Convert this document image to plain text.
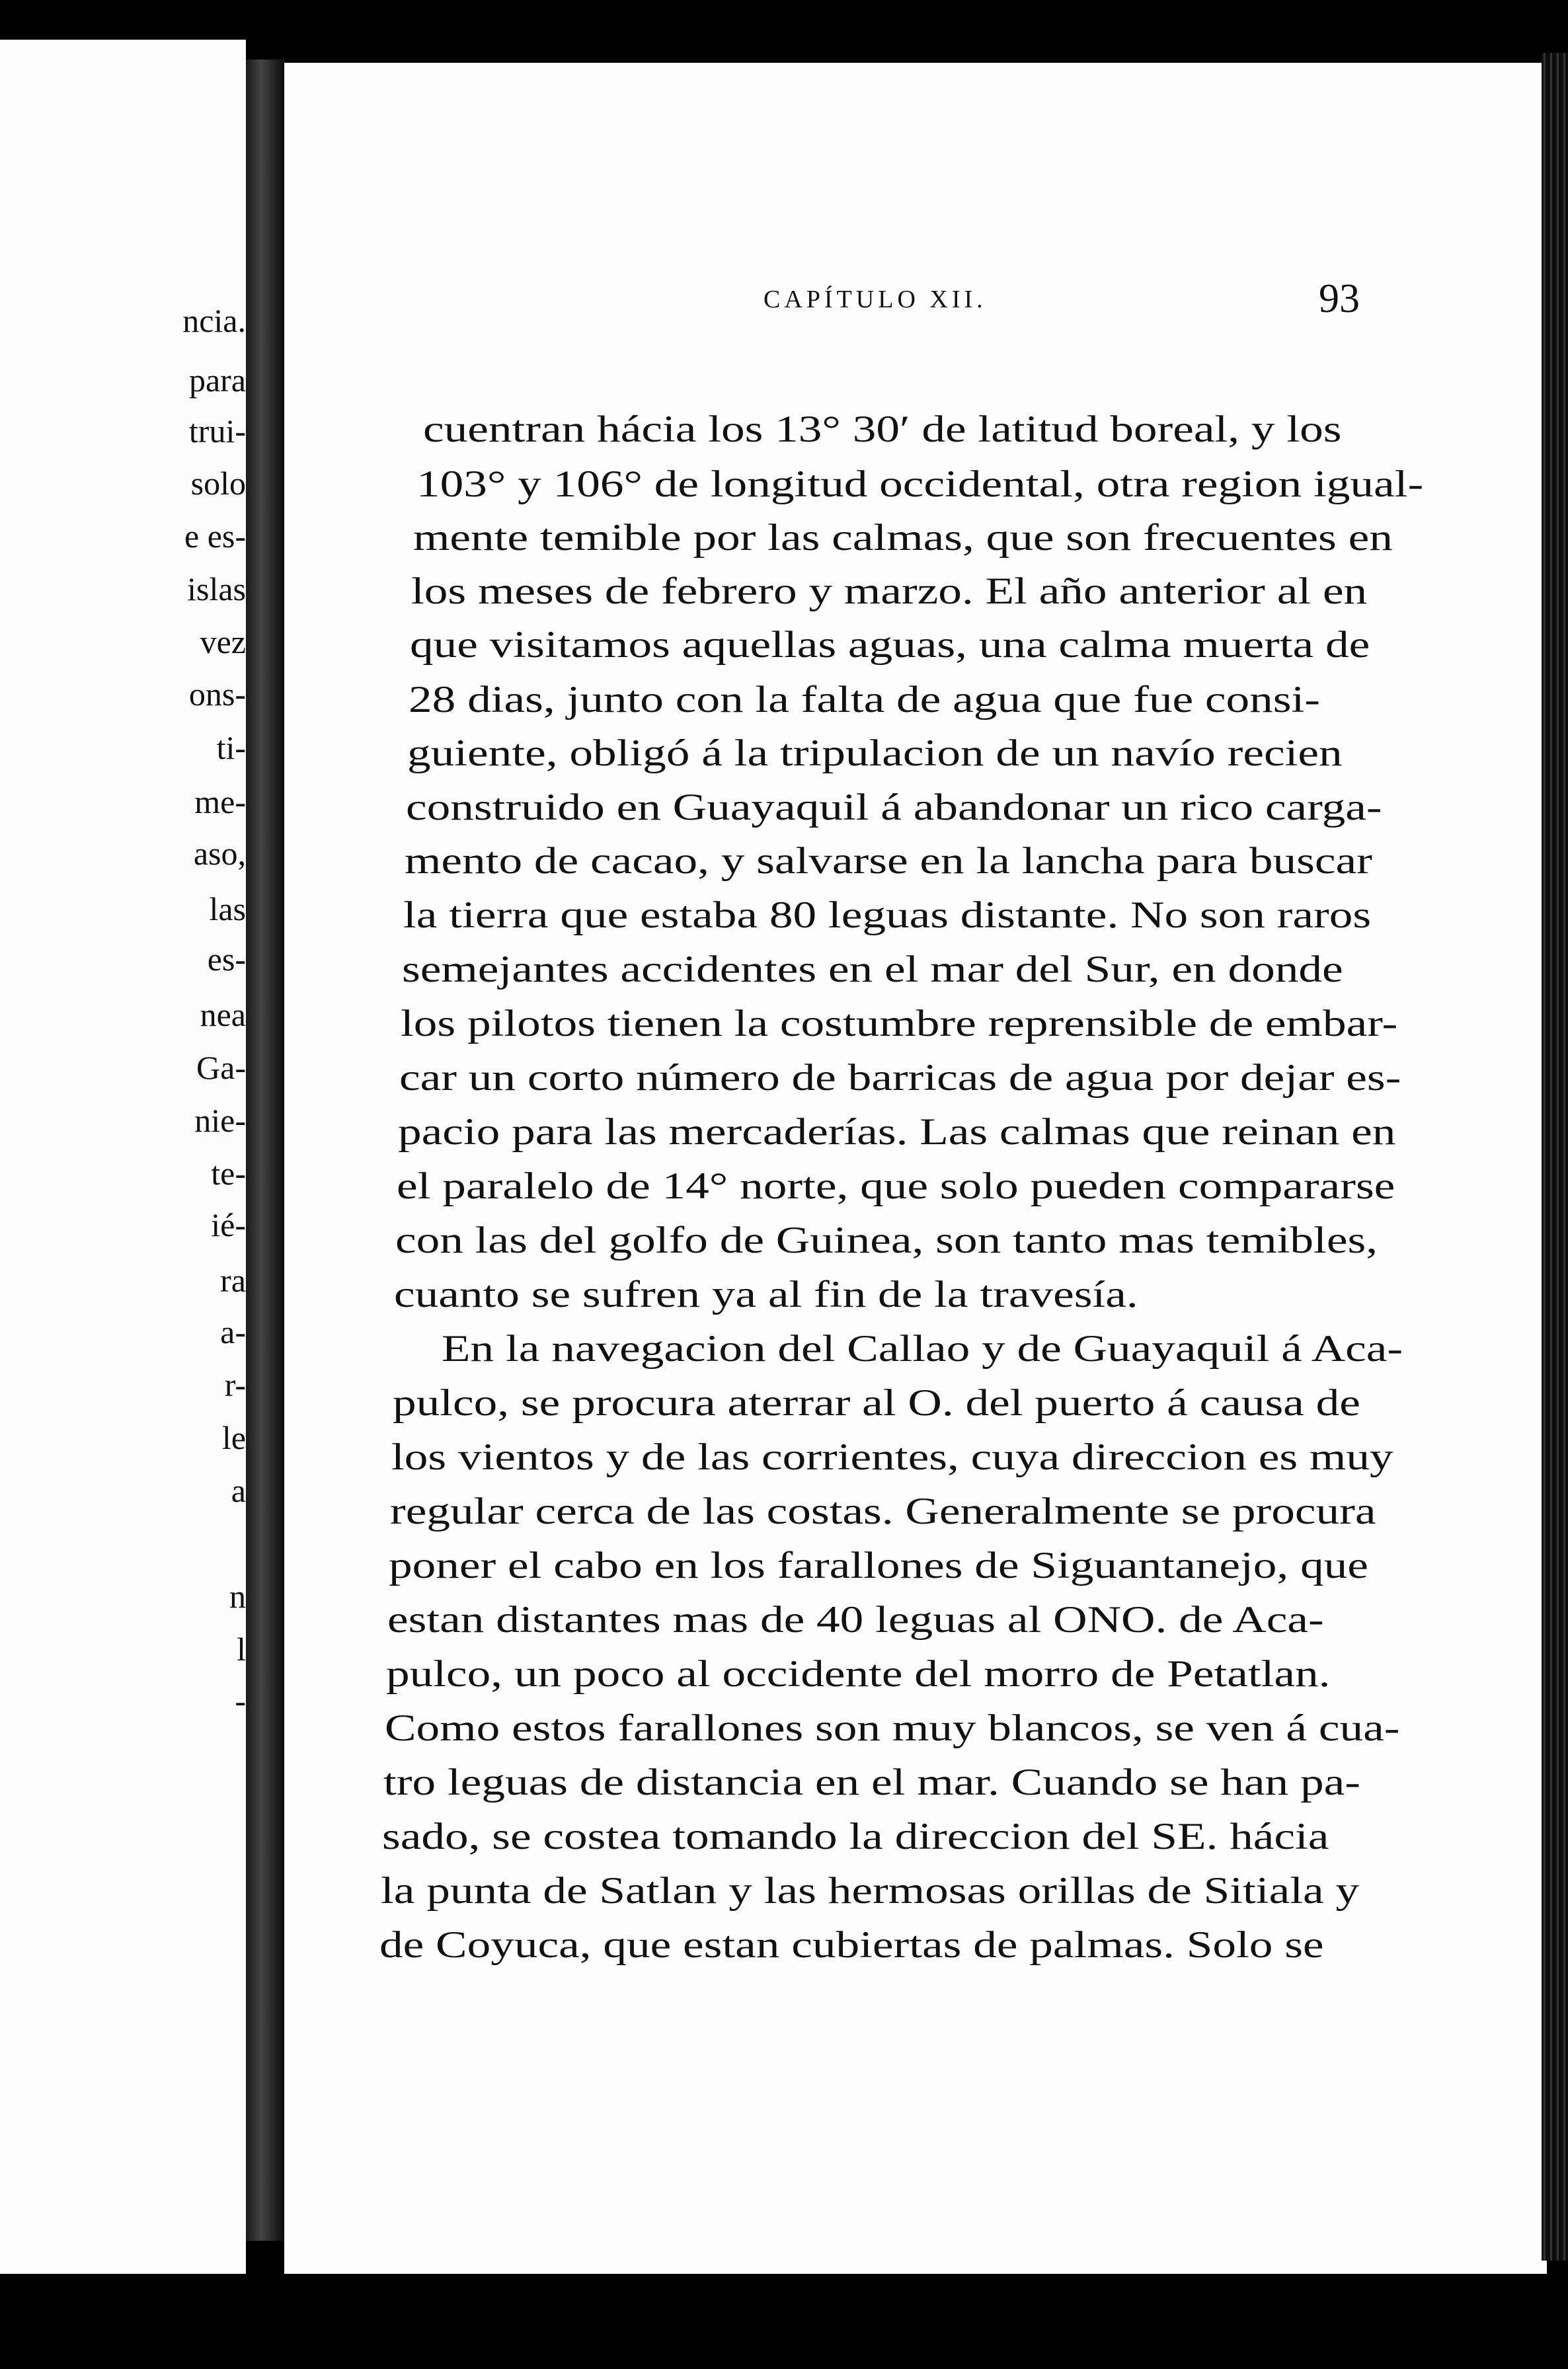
ncia.
para
trui-
solo
e es-
islas
vez
ons-
ti-
me-
aso,
las
es-
nea
Ga-
nie-
te-
ié-
ra
a-
r-
le
a
n
l
-
CAPÍTULO XII.	93
cuentran hácia los 13° 30′ de latitud boreal, y los
103° y 106° de longitud occidental, otra region igual-
mente temible por las calmas, que son frecuentes en
los meses de febrero y marzo. El año anterior al en
que visitamos aquellas aguas, una calma muerta de
28 dias, junto con la falta de agua que fue consi-
guiente, obligó á la tripulacion de un navío recien
construido en Guayaquil á abandonar un rico carga-
mento de cacao, y salvarse en la lancha para buscar
la tierra que estaba 80 leguas distante. No son raros
semejantes accidentes en el mar del Sur, en donde
los pilotos tienen la costumbre reprensible de embar-
car un corto número de barricas de agua por dejar es-
pacio para las mercaderías. Las calmas que reinan en
el paralelo de 14° norte, que solo pueden compararse
con las del golfo de Guinea, son tanto mas temibles,
cuanto se sufren ya al fin de la travesía.
En la navegacion del Callao y de Guayaquil á Aca-
pulco, se procura aterrar al O. del puerto á causa de
los vientos y de las corrientes, cuya direccion es muy
regular cerca de las costas. Generalmente se procura
poner el cabo en los farallones de Siguantanejo, que
estan distantes mas de 40 leguas al ONO. de Aca-
pulco, un poco al occidente del morro de Petatlan.
Como estos farallones son muy blancos, se ven á cua-
tro leguas de distancia en el mar. Cuando se han pa-
sado, se costea tomando la direccion del SE. hácia
la punta de Satlan y las hermosas orillas de Sitiala y
de Coyuca, que estan cubiertas de palmas. Solo se
